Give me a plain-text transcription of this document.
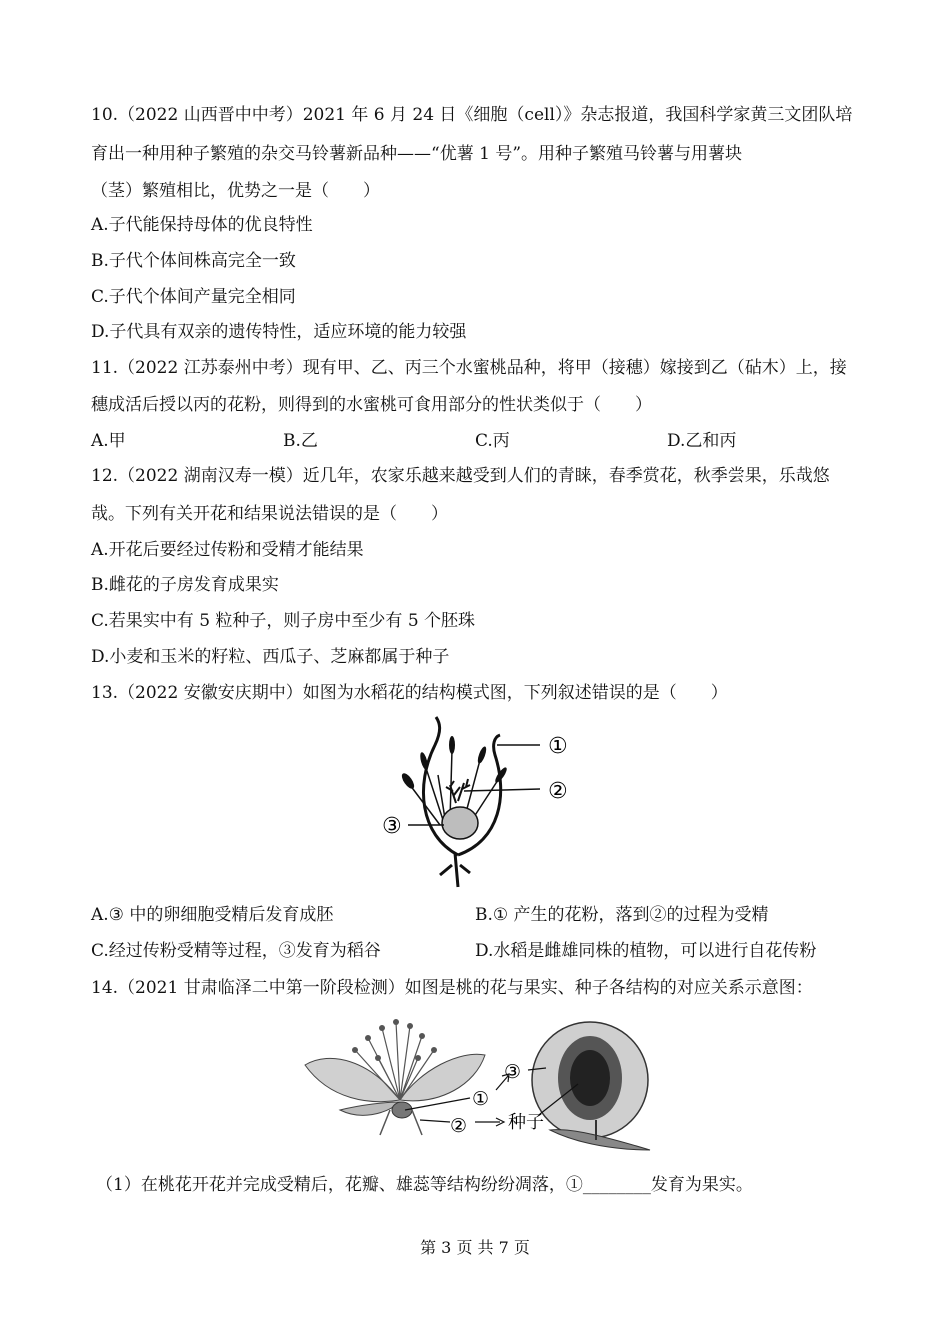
10.（2022 山西晋中中考）2021 年 6 月 24 日《细胞（cell）》杂志报道，我国科学家黄三文团队培
育出一种用种子繁殖的杂交马铃薯新品种——“优薯 1 号”。用种子繁殖马铃薯与用薯块
（茎）繁殖相比，优势之一是（　　）
A.子代能保持母体的优良特性
B.子代个体间株高完全一致
C.子代个体间产量完全相同
D.子代具有双亲的遗传特性，适应环境的能力较强
11.（2022 江苏泰州中考）现有甲、乙、丙三个水蜜桃品种，将甲（接穗）嫁接到乙（砧木）上，接
穗成活后授以丙的花粉，则得到的水蜜桃可食用部分的性状类似于（　　）
A.甲	B.乙	C.丙	D.乙和丙
12.（2022 湖南汉寿一模）近几年，农家乐越来越受到人们的青睐，春季赏花，秋季尝果，乐哉悠
哉。下列有关开花和结果说法错误的是（　　）
A.开花后要经过传粉和受精才能结果
B.雌花的子房发育成果实
C.若果实中有 5 粒种子，则子房中至少有 5 个胚珠
D.小麦和玉米的籽粒、西瓜子、芝麻都属于种子
13.（2022 安徽安庆期中）如图为水稻花的结构模式图，下列叙述错误的是（　　）
①
②
③
A.③ 中的卵细胞受精后发育成胚	B.① 产生的花粉，落到②的过程为受精
C.经过传粉受精等过程，③发育为稻谷	D.水稻是雌雄同株的植物，可以进行自花传粉
14.（2021 甘肃临泽二中第一阶段检测）如图是桃的花与果实、种子各结构的对应关系示意图：
③
①
② 种子
（1）在桃花开花并完成受精后，花瓣、雄蕊等结构纷纷凋落，①________发育为果实。
第 3 页 共 7 页
